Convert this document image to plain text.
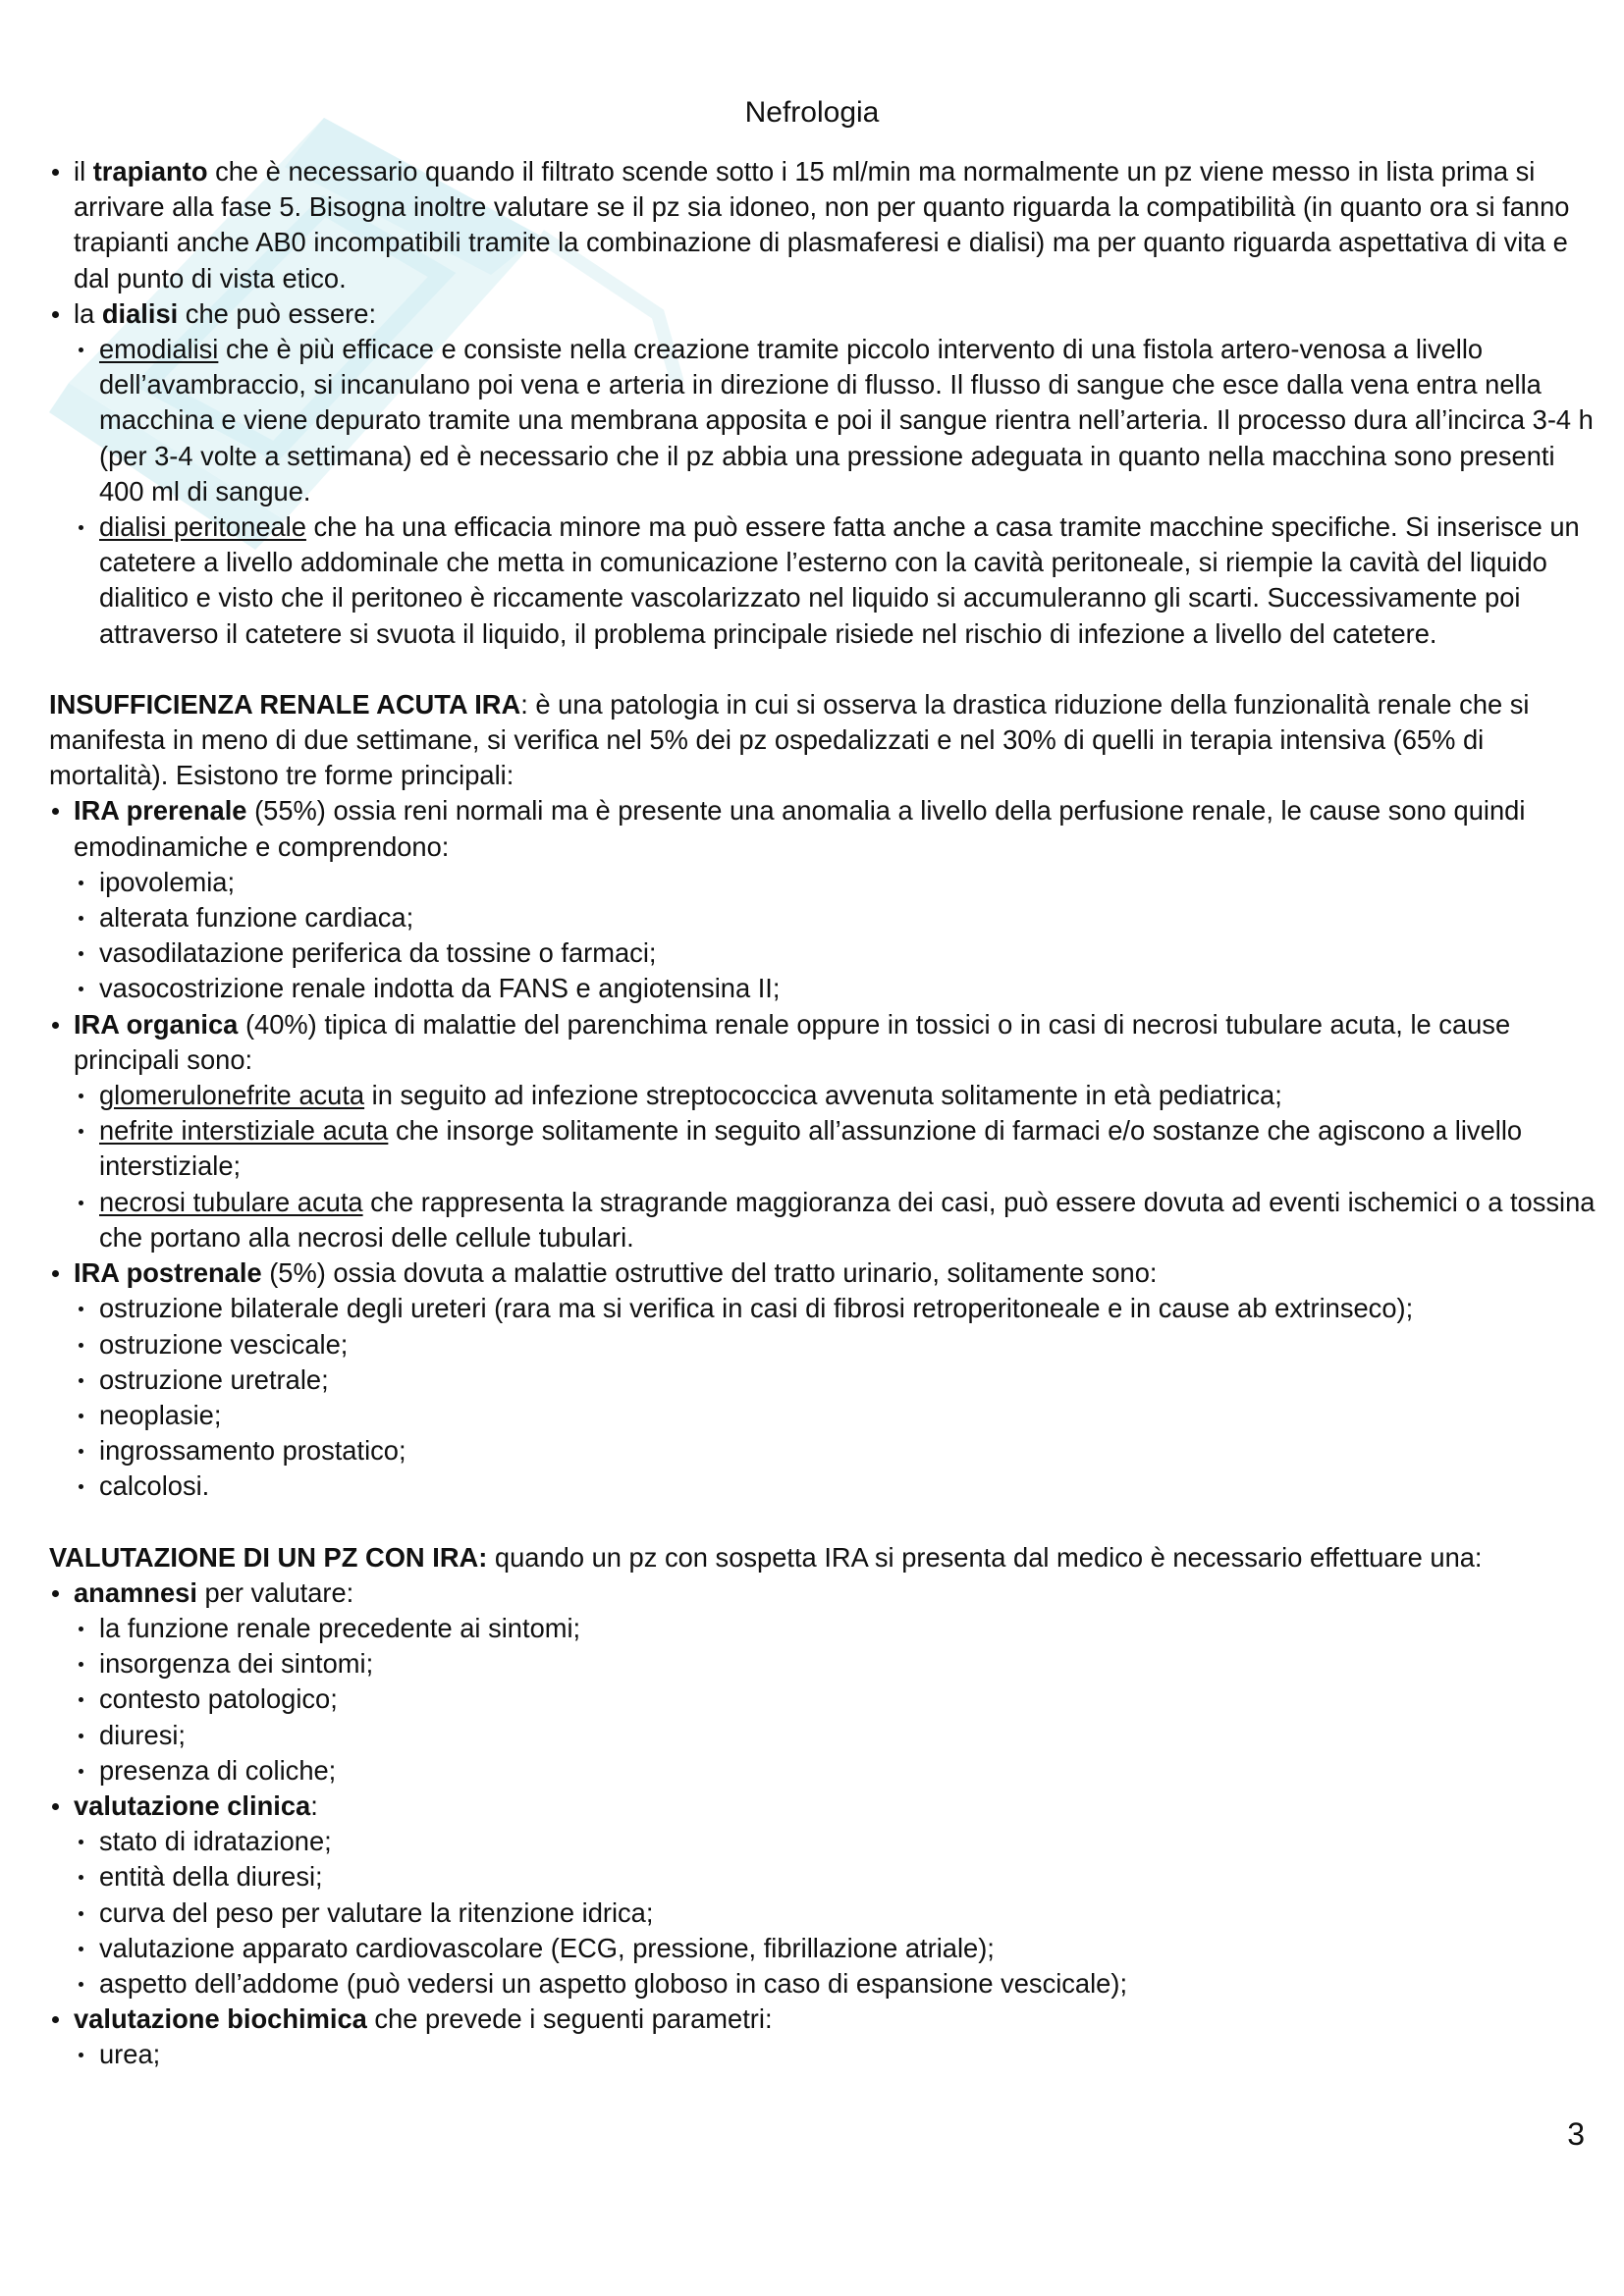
Nefrologia

il trapianto che è necessario quando il filtrato scende sotto i 15 ml/min ma normalmente un pz viene messo in lista prima si arrivare alla fase 5. Bisogna inoltre valutare se il pz sia idoneo, non per quanto riguarda la compatibilità (in quanto ora si fanno trapianti anche AB0 incompatibili tramite la combinazione di plasmaferesi e dialisi) ma per quanto riguarda aspettativa di vita e dal punto di vista etico.

la dialisi che può essere:

emodialisi che è più efficace e consiste nella creazione tramite piccolo intervento di una fistola artero-venosa a livello dell’avambraccio, si incanulano poi vena e arteria in direzione di flusso. Il flusso di sangue che esce dalla vena entra nella macchina e viene depurato tramite una membrana apposita e poi il sangue rientra nell’arteria. Il processo dura all’incirca 3-4 h (per 3-4 volte a settimana) ed è necessario che il pz abbia una pressione adeguata in quanto nella macchina sono presenti 400 ml di sangue.

dialisi peritoneale che ha una efficacia minore ma può essere fatta anche a casa tramite macchine specifiche. Si inserisce un catetere a livello addominale che metta in comunicazione l’esterno con la cavità peritoneale, si riempie la cavità del liquido dialitico e visto che il peritoneo è riccamente vascolarizzato nel liquido si accumuleranno gli scarti. Successivamente poi attraverso il catetere si svuota il liquido, il problema principale risiede nel rischio di infezione a livello del catetere.

INSUFFICIENZA RENALE ACUTA IRA: è una patologia in cui si osserva la drastica riduzione della funzionalità renale che si manifesta in meno di due settimane, si verifica nel 5% dei pz ospedalizzati e nel 30% di quelli in terapia intensiva (65% di mortalità). Esistono tre forme principali:

IRA prerenale (55%) ossia reni normali ma è presente una anomalia a livello della perfusione renale, le cause sono quindi emodinamiche e comprendono:

ipovolemia;

alterata funzione cardiaca;

vasodilatazione periferica da tossine o farmaci;

vasocostrizione renale indotta da FANS e angiotensina II;

IRA organica (40%) tipica di malattie del parenchima renale oppure in tossici o in casi di necrosi tubulare acuta, le cause principali sono:

glomerulonefrite acuta in seguito ad infezione streptococcica avvenuta solitamente in età pediatrica;

nefrite interstiziale acuta che insorge solitamente in seguito all’assunzione di farmaci e/o sostanze che agiscono a livello interstiziale;

necrosi tubulare acuta che rappresenta la stragrande maggioranza dei casi, può essere dovuta ad eventi ischemici o a tossina che portano alla necrosi delle cellule tubulari.

IRA postrenale (5%) ossia dovuta a malattie ostruttive del tratto urinario, solitamente sono:

ostruzione bilaterale degli ureteri (rara ma si verifica in casi di fibrosi retroperitoneale e in cause ab extrinseco);

ostruzione vescicale;

ostruzione uretrale;

neoplasie;

ingrossamento prostatico;

calcolosi.

VALUTAZIONE DI UN PZ CON IRA: quando un pz con sospetta IRA si presenta dal medico è necessario effettuare una:

anamnesi per valutare:

la funzione renale precedente ai sintomi;

insorgenza dei sintomi;

contesto patologico;

diuresi;

presenza di coliche;

valutazione clinica:

stato di idratazione;

entità della diuresi;

curva del peso per valutare la ritenzione idrica;

valutazione apparato cardiovascolare (ECG, pressione, fibrillazione atriale);

aspetto dell’addome (può vedersi un aspetto globoso in caso di espansione vescicale);

valutazione biochimica che prevede i seguenti parametri:

urea;

3
